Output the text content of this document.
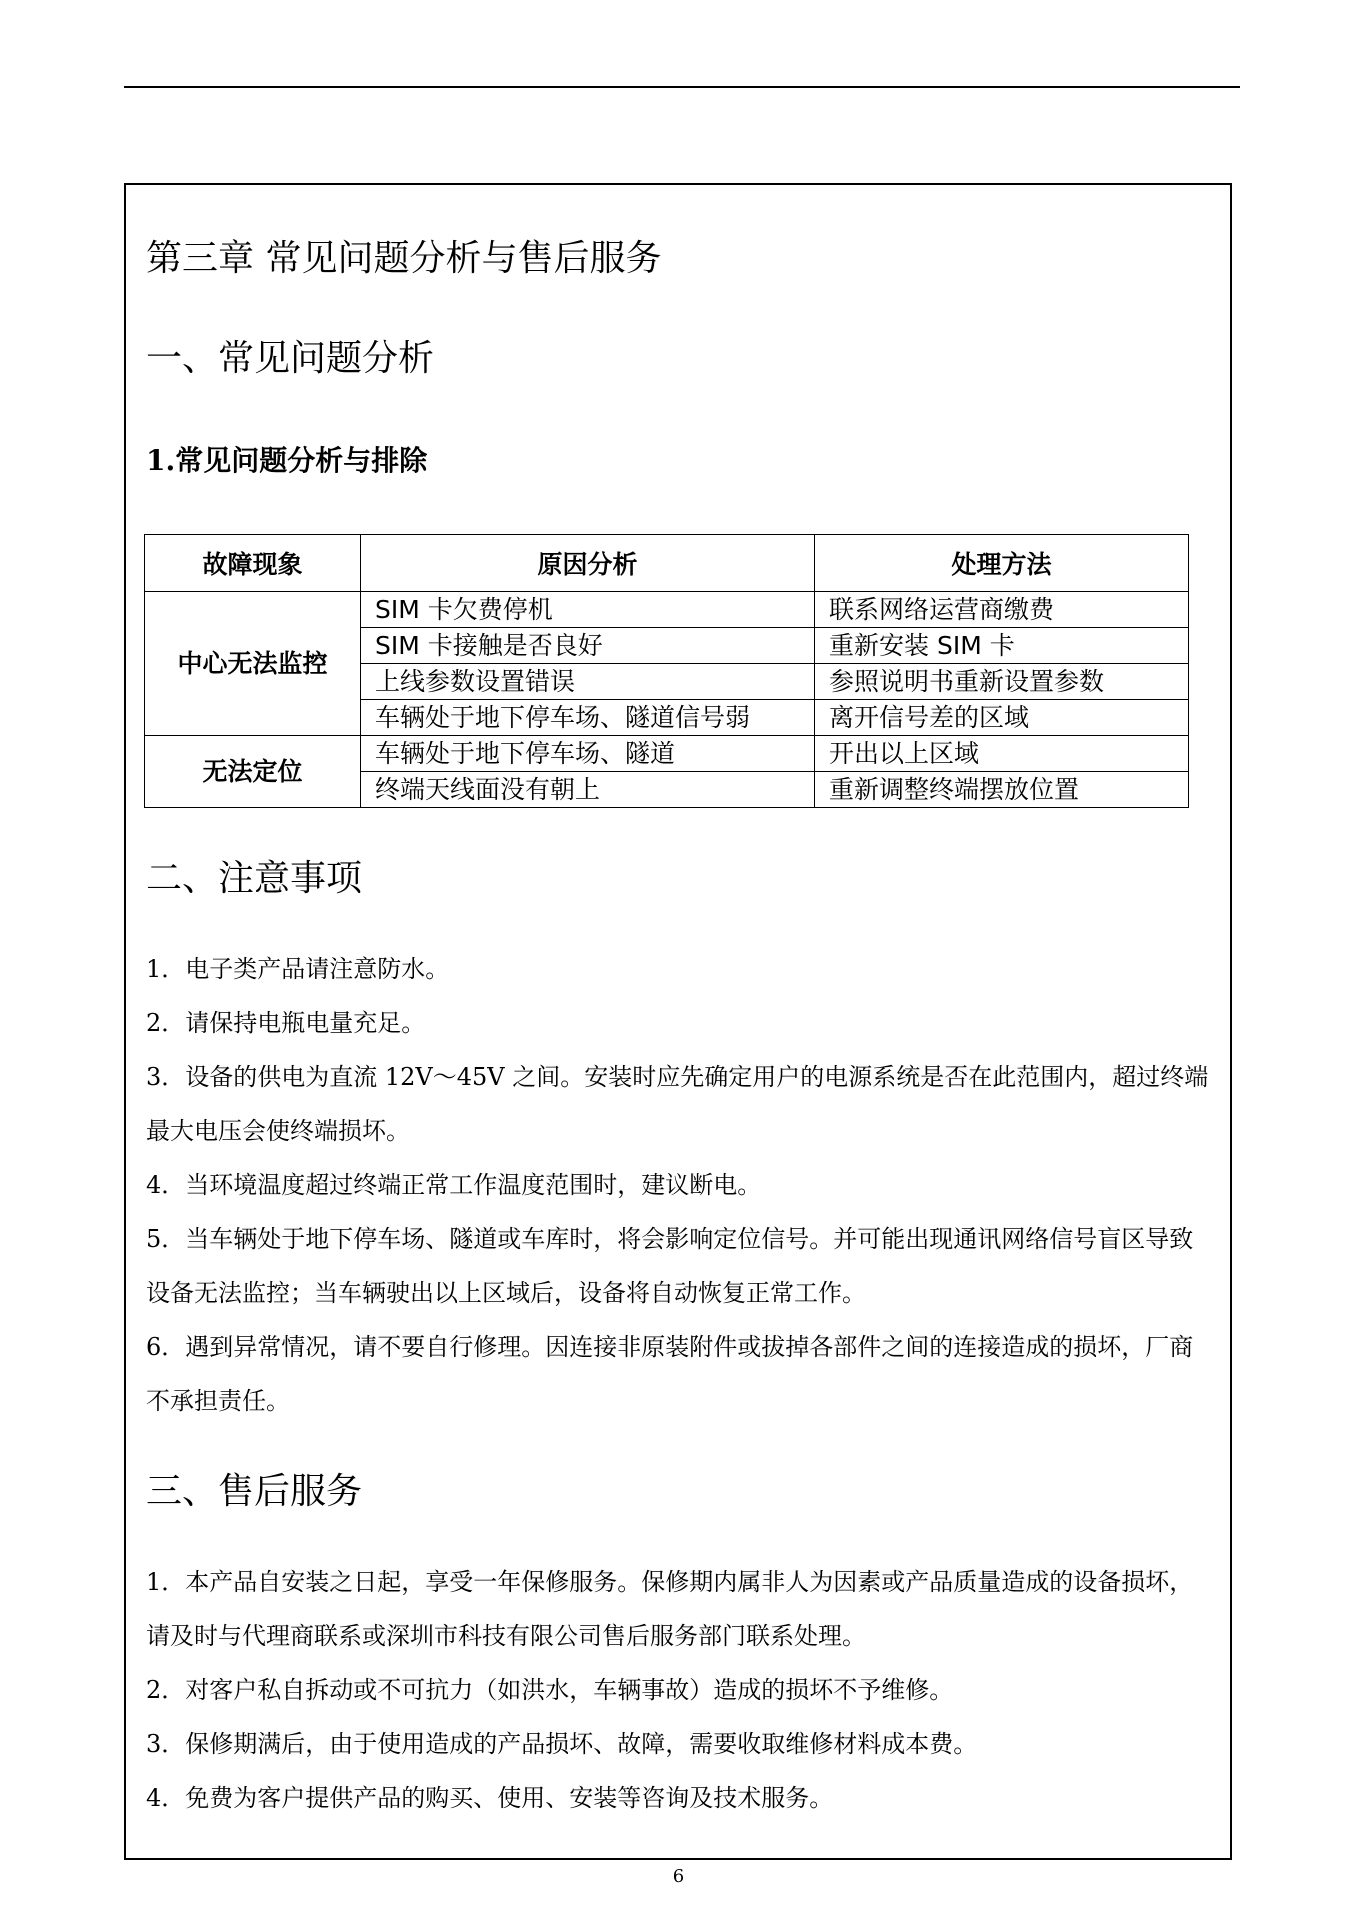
第三章 常见问题分析与售后服务
一、常见问题分析
1.常见问题分析与排除
故障现象	原因分析	处理方法
中心无法监控	SIM 卡欠费停机	联系网络运营商缴费
	SIM 卡接触是否良好	重新安装 SIM 卡
	上线参数设置错误	参照说明书重新设置参数
	车辆处于地下停车场、隧道信号弱	离开信号差的区域
无法定位	车辆处于地下停车场、隧道	开出以上区域
	终端天线面没有朝上	重新调整终端摆放位置
二、注意事项

1．电子类产品请注意防水。

2．请保持电瓶电量充足。

3．设备的供电为直流 12V～45V 之间。安装时应先确定用户的电源系统是否在此范围内，超过终端最大电压会使终端损坏。

4．当环境温度超过终端正常工作温度范围时，建议断电。

5．当车辆处于地下停车场、隧道或车库时，将会影响定位信号。并可能出现通讯网络信号盲区导致设备无法监控；当车辆驶出以上区域后，设备将自动恢复正常工作。

6．遇到异常情况，请不要自行修理。因连接非原装附件或拔掉各部件之间的连接造成的损坏，厂商不承担责任。

三、售后服务

1．本产品自安装之日起，享受一年保修服务。保修期内属非人为因素或产品质量造成的设备损坏，请及时与代理商联系或深圳市科技有限公司售后服务部门联系处理。

2．对客户私自拆动或不可抗力（如洪水，车辆事故）造成的损坏不予维修。

3．保修期满后，由于使用造成的产品损坏、故障，需要收取维修材料成本费。

4．免费为客户提供产品的购买、使用、安装等咨询及技术服务。

6
